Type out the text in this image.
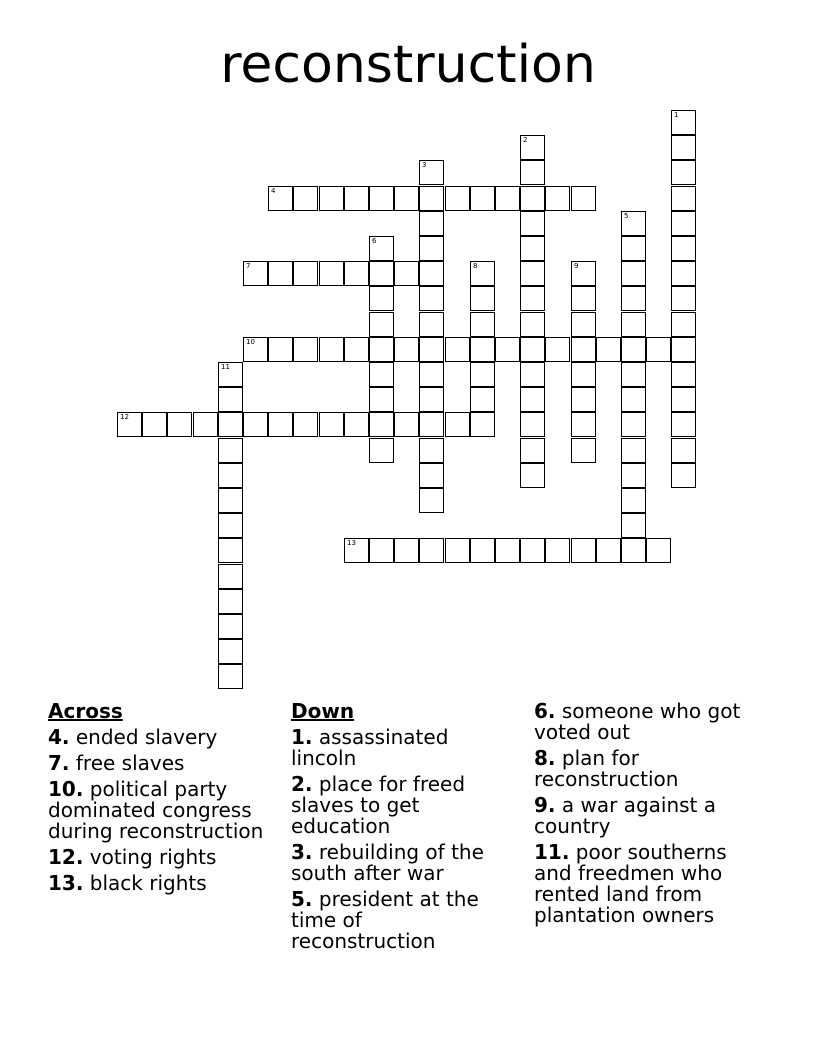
reconstruction
1
2
3
4
5
6
7	8	9
10
11
12
13
Across
4. ended slavery
7. free slaves
10. political party dominated congress during reconstruction
12. voting rights
13. black rights
Down
1. assassinated lincoln
2. place for freed slaves to get education
3. rebuilding of the south after war
5. president at the time of reconstruction
6. someone who got voted out
8. plan for reconstruction
9. a war against a country
11. poor southerns and freedmen who rented land from plantation owners
